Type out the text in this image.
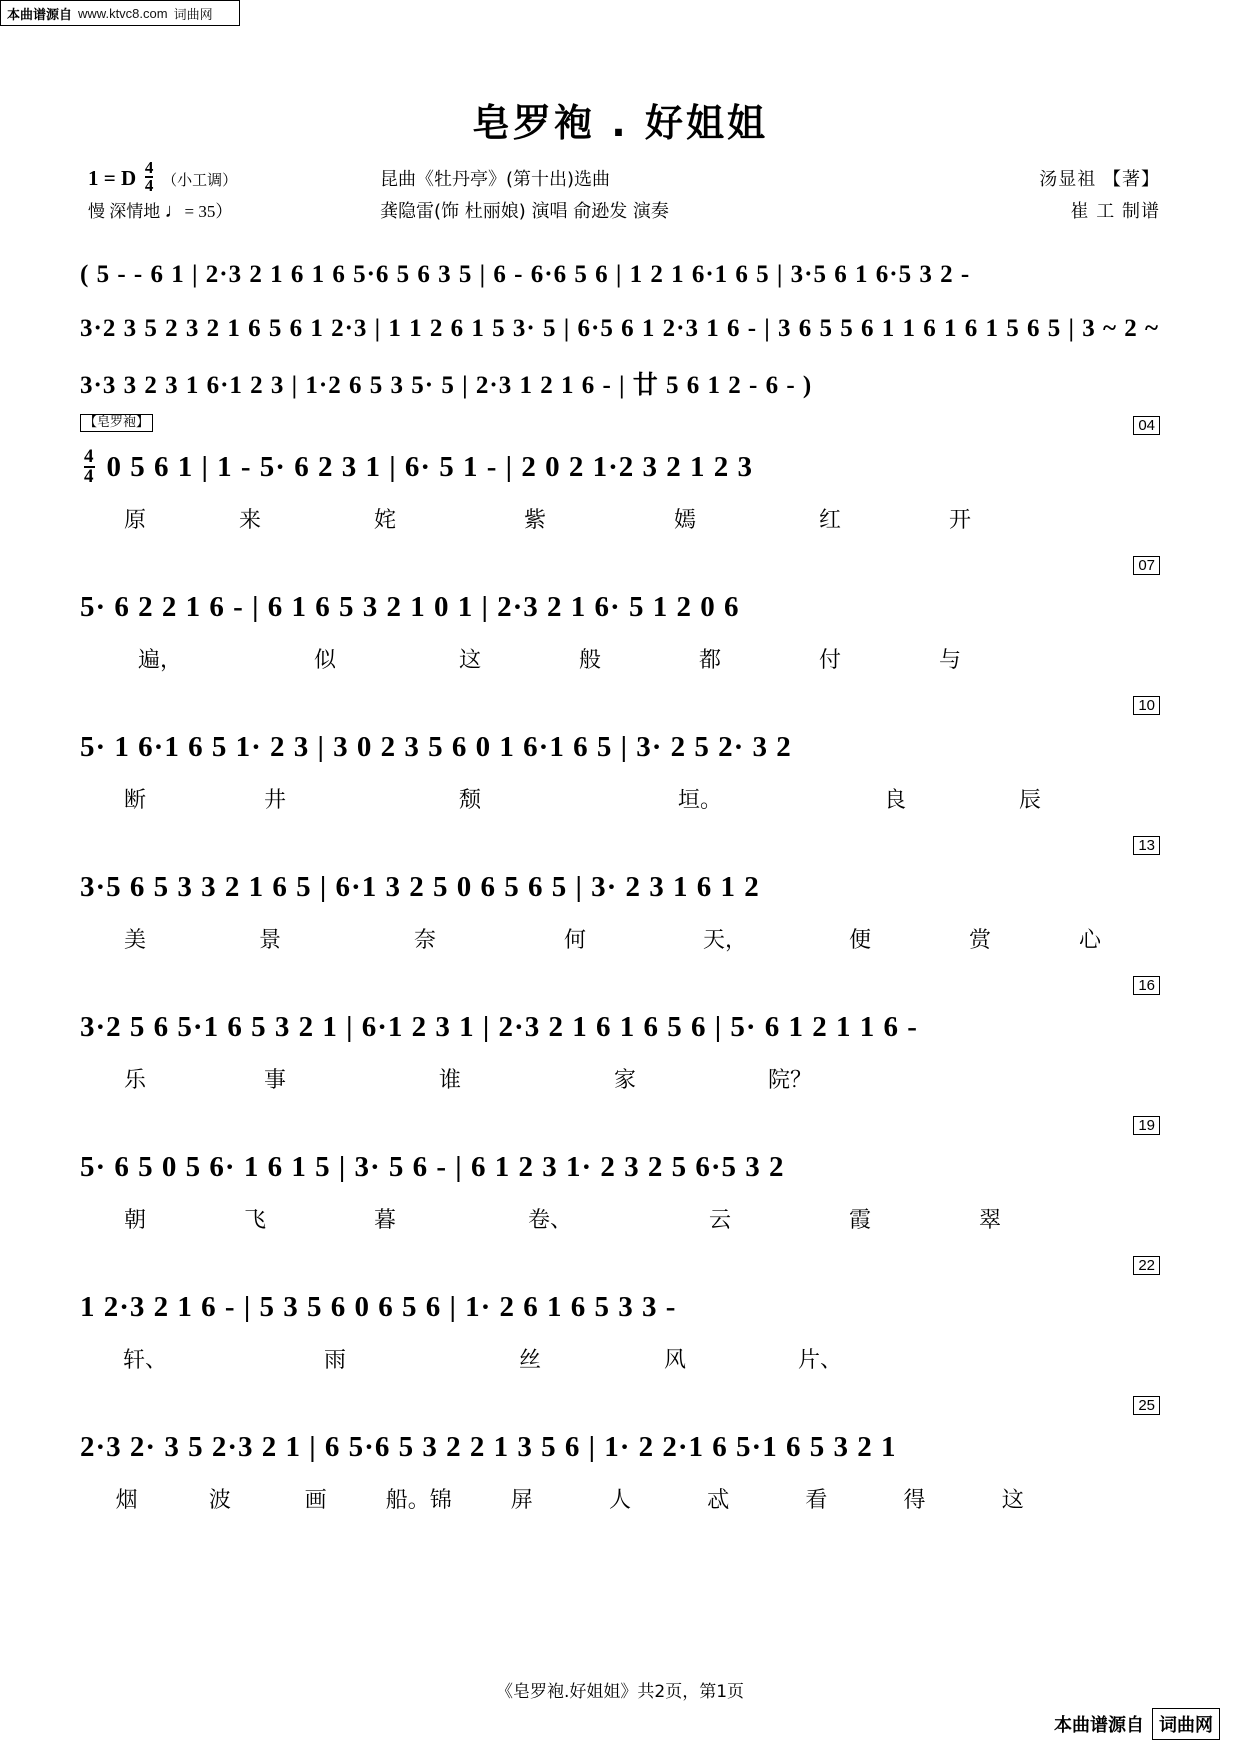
本曲谱源自 www.ktvc8.com 词曲网
皂罗袍 . 好姐姐
1 = D $\frac{4}{4}$ （小工调）
慢 深情地 ♩= 35）
昆曲《牡丹亭》(第十出)选曲
龚隐雷(饰 杜丽娘) 演唱 俞逊发 演奏
汤显祖 【著】
崔 工 制谱
( 5 - - 6 1 | 2·3 2 1 6 1 6 5·6 5 6 3 5 | 6 - 6·6 5 6 | 1 2 1 6·1 6 5 | 3·5 6 1 6·5 3 2 -
3·2 3 5 2 3 2 1 6 5 6 1 2·3 | 1 1 2 6 1 5 3· 5 | 6·5 6 1 2·3 1 6 - | 3 6 5 5 6 1 1 6 1 6 1 5 6 5 | 3 ~ 2 ~
3·3 3 2 3 1 6·1 2 3 | 1·2 6 5 3 5· 5 | 2·3 1 2 1 6 - | 廿 5 6 1 2 - 6 - )
【皂罗袍】	04
$\frac{4}{4} 0$ 5 6 1 | 1 - 5· 6 2 3 1 | 6· 5 1 - | 2 0 2 1·2 3 2 1 2 3
原	来	姹	紫	嫣	红	开
07
5· 6 2 2 1 6 - | 6 1 6 5 3 2 1 0 1 | 2·3 2 1 6· 5 1 2 0 6
遍，	似	这	般	都	付	与
10
5· 1 6·1 6 5 1· 2 3 | 3 0 2 3 5 6 0 1 6·1 6 5 | 3· 2 5 2· 3 2
断	井	颓	垣。	良	辰
13
3·5 6 5 3 3 2 1 6 5 | 6·1 3 2 5 0 6 5 6 5 | 3· 2 3 1 6 1 2
美	景	奈	何	天，	便	赏	心
16
3·2 5 6 5·1 6 5 3 2 1 | 6·1 2 3 1 | 2·3 2 1 6 1 6 5 6 | 5· 6 1 2 1 1 6 -
乐	事	谁	家	院？
19
5· 6 5 0 5 6· 1 6 1 5 | 3· 5 6 - | 6 1 2 3 1· 2 3 2 5 6·5 3 2
朝	飞	暮	卷、	云	霞	翠
22
1 2·3 2 1 6 - | 5 3 5 6 0 6 5 6 | 1· 2 6 1 6 5 3 3 -
轩、	雨	丝	风	片、
25
2·3 2· 3 5 2·3 2 1 | 6 5·6 5 3 2 2 1 3 5 6 | 1· 2 2·1 6 5·1 6 5 3 2 1
烟	波	画	船。锦	屏	人	忒	看	得	这
《皂罗袍.好姐姐》共2页，第1页
本曲谱源自 词曲网
